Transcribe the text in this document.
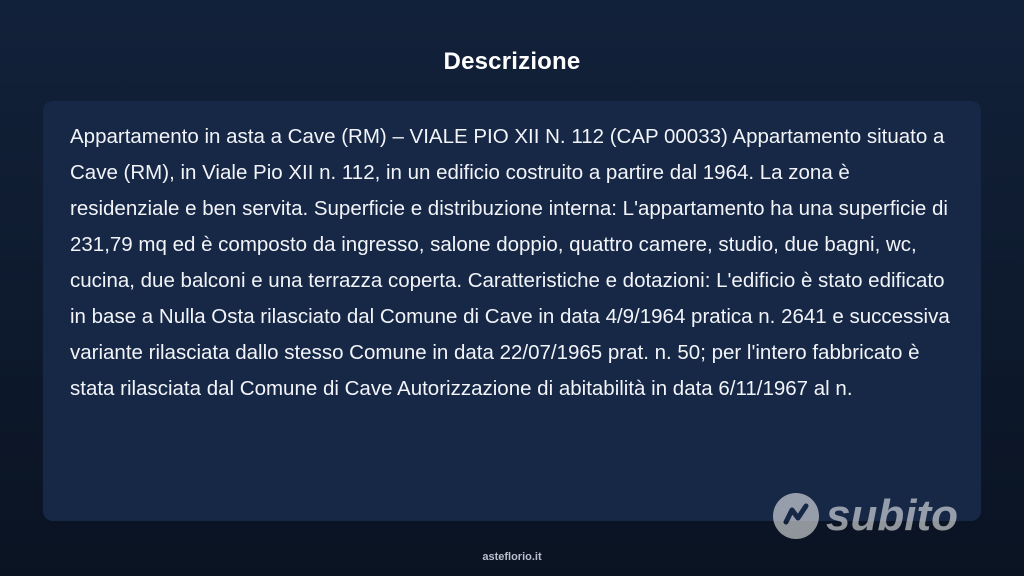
Descrizione

Appartamento in asta a Cave (RM) – VIALE PIO XII N. 112 (CAP 00033) Appartamento situato a Cave (RM), in Viale Pio XII n. 112, in un edificio costruito a partire dal 1964. La zona è residenziale e ben servita. Superficie e distribuzione interna: L'appartamento ha una superficie di 231,79 mq ed è composto da ingresso, salone doppio, quattro camere, studio, due bagni, wc, cucina, due balconi e una terrazza coperta. Caratteristiche e dotazioni: L'edificio è stato edificato in base a Nulla Osta rilasciato dal Comune di Cave in data 4/9/1964 pratica n. 2641 e successiva variante rilasciata dallo stesso Comune in data 22/07/1965 prat. n. 50; per l'intero fabbricato è stata rilasciata dal Comune di Cave Autorizzazione di abitabilità in data 6/11/1967 al n.

subito
asteflorio.it
